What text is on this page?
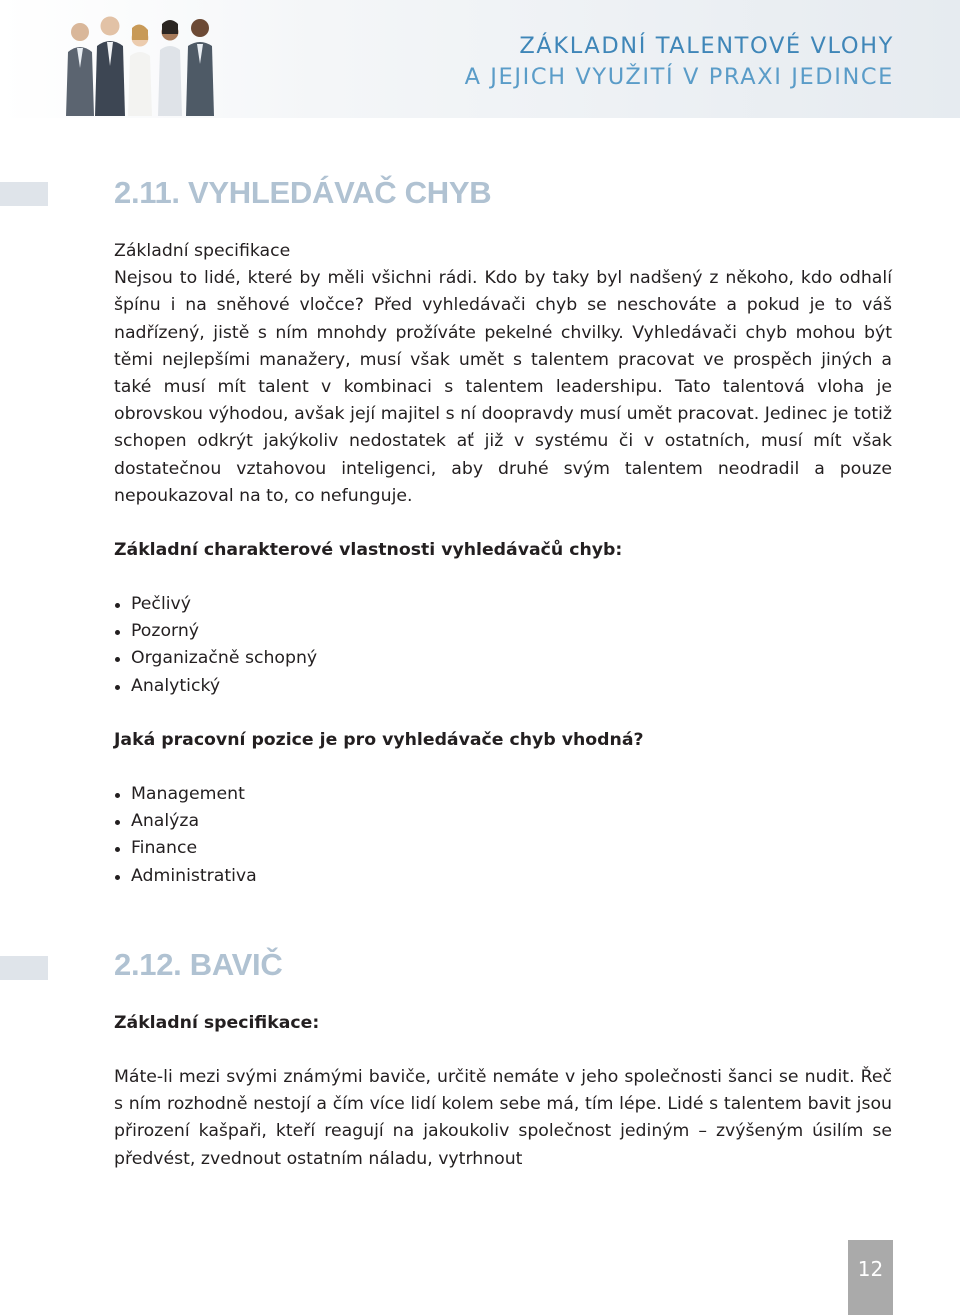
ZÁKLADNÍ TALENTOVÉ VLOHY
A JEJICH VYUŽITÍ V PRAXI JEDINCE
2.11. VYHLEDÁVAČ CHYB

Základní specifikace

Nejsou to lidé, které by měli všichni rádi. Kdo by taky byl nadšený z někoho, kdo odhalí špínu i na sněhové vločce? Před vyhledávači chyb se neschováte a pokud je to váš nadřízený, jistě s ním mnohdy prožíváte pekelné chvilky. Vyhledávači chyb mohou být těmi nejlepšími manažery, musí však umět s talentem pracovat ve prospěch jiných a také musí mít talent v kombinaci s talentem leadershipu. Tato talentová vloha je obrovskou výhodou, avšak její majitel s ní doopravdy musí umět pracovat. Jedinec je totiž schopen odkrýt jakýkoliv nedostatek ať již v systému či v ostatních, musí mít však dostatečnou vztahovou inteligenci, aby druhé svým talentem neodradil a pouze nepoukazoval na to, co nefunguje.

Základní charakterové vlastnosti vyhledávačů chyb:
Pečlivý
Pozorný
Organizačně schopný
Analytický
Jaká pracovní pozice je pro vyhledávače chyb vhodná?
Management
Analýza
Finance
Administrativa
2.12. BAVIČ
Základní specifikace:
Máte-li mezi svými známými baviče, určitě nemáte v jeho společnosti šanci se nudit. Řeč s ním rozhodně nestojí a čím více lidí kolem sebe má, tím lépe. Lidé s talentem bavit jsou přirození kašpaři, kteří reagují na jakoukoliv společnost jediným – zvýšeným úsilím se předvést, zvednout ostatním náladu, vytrhnout
12
